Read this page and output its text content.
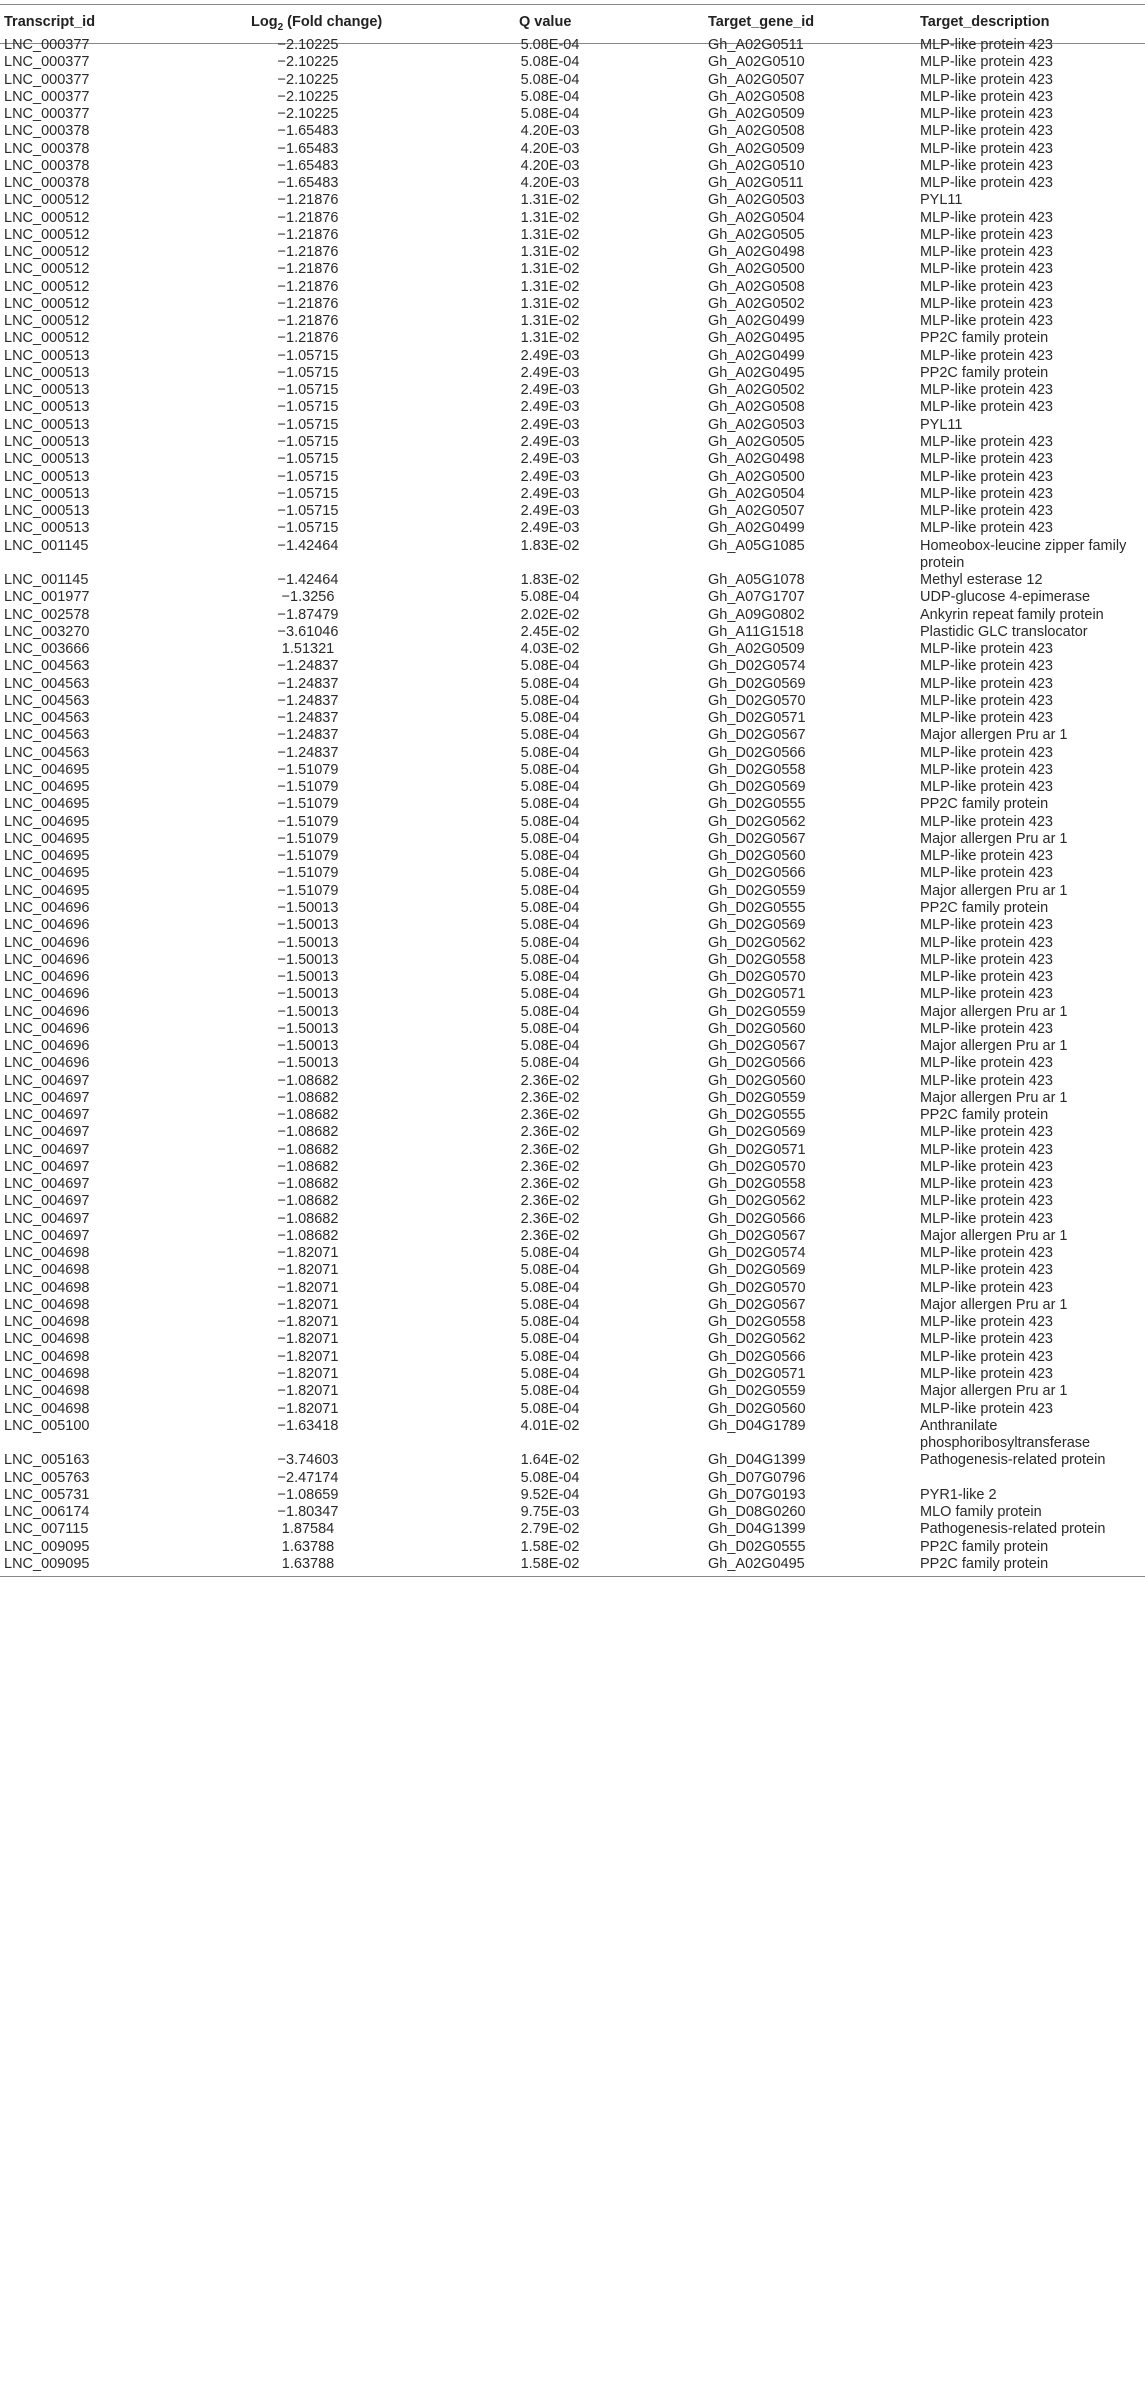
Transcript_id	Log$_2$ (Fold change)	Q value	Target_gene_id	Target_description
LNC_000377	−2.10225	5.08E-04	Gh_A02G0511	MLP-like protein 423
LNC_000377	−2.10225	5.08E-04	Gh_A02G0510	MLP-like protein 423
LNC_000377	−2.10225	5.08E-04	Gh_A02G0507	MLP-like protein 423
LNC_000377	−2.10225	5.08E-04	Gh_A02G0508	MLP-like protein 423
LNC_000377	−2.10225	5.08E-04	Gh_A02G0509	MLP-like protein 423
LNC_000378	−1.65483	4.20E-03	Gh_A02G0508	MLP-like protein 423
LNC_000378	−1.65483	4.20E-03	Gh_A02G0509	MLP-like protein 423
LNC_000378	−1.65483	4.20E-03	Gh_A02G0510	MLP-like protein 423
LNC_000378	−1.65483	4.20E-03	Gh_A02G0511	MLP-like protein 423
LNC_000512	−1.21876	1.31E-02	Gh_A02G0503	PYL11
LNC_000512	−1.21876	1.31E-02	Gh_A02G0504	MLP-like protein 423
LNC_000512	−1.21876	1.31E-02	Gh_A02G0505	MLP-like protein 423
LNC_000512	−1.21876	1.31E-02	Gh_A02G0498	MLP-like protein 423
LNC_000512	−1.21876	1.31E-02	Gh_A02G0500	MLP-like protein 423
LNC_000512	−1.21876	1.31E-02	Gh_A02G0508	MLP-like protein 423
LNC_000512	−1.21876	1.31E-02	Gh_A02G0502	MLP-like protein 423
LNC_000512	−1.21876	1.31E-02	Gh_A02G0499	MLP-like protein 423
LNC_000512	−1.21876	1.31E-02	Gh_A02G0495	PP2C family protein
LNC_000513	−1.05715	2.49E-03	Gh_A02G0499	MLP-like protein 423
LNC_000513	−1.05715	2.49E-03	Gh_A02G0495	PP2C family protein
LNC_000513	−1.05715	2.49E-03	Gh_A02G0502	MLP-like protein 423
LNC_000513	−1.05715	2.49E-03	Gh_A02G0508	MLP-like protein 423
LNC_000513	−1.05715	2.49E-03	Gh_A02G0503	PYL11
LNC_000513	−1.05715	2.49E-03	Gh_A02G0505	MLP-like protein 423
LNC_000513	−1.05715	2.49E-03	Gh_A02G0498	MLP-like protein 423
LNC_000513	−1.05715	2.49E-03	Gh_A02G0500	MLP-like protein 423
LNC_000513	−1.05715	2.49E-03	Gh_A02G0504	MLP-like protein 423
LNC_000513	−1.05715	2.49E-03	Gh_A02G0507	MLP-like protein 423
LNC_000513	−1.05715	2.49E-03	Gh_A02G0499	MLP-like protein 423
LNC_001145	−1.42464	1.83E-02	Gh_A05G1085	Homeobox-leucine zipper family protein
LNC_001145	−1.42464	1.83E-02	Gh_A05G1078	Methyl esterase 12
LNC_001977	−1.3256	5.08E-04	Gh_A07G1707	UDP-glucose 4-epimerase
LNC_002578	−1.87479	2.02E-02	Gh_A09G0802	Ankyrin repeat family protein
LNC_003270	−3.61046	2.45E-02	Gh_A11G1518	Plastidic GLC translocator
LNC_003666	1.51321	4.03E-02	Gh_A02G0509	MLP-like protein 423
LNC_004563	−1.24837	5.08E-04	Gh_D02G0574	MLP-like protein 423
LNC_004563	−1.24837	5.08E-04	Gh_D02G0569	MLP-like protein 423
LNC_004563	−1.24837	5.08E-04	Gh_D02G0570	MLP-like protein 423
LNC_004563	−1.24837	5.08E-04	Gh_D02G0571	MLP-like protein 423
LNC_004563	−1.24837	5.08E-04	Gh_D02G0567	Major allergen Pru ar 1
LNC_004563	−1.24837	5.08E-04	Gh_D02G0566	MLP-like protein 423
LNC_004695	−1.51079	5.08E-04	Gh_D02G0558	MLP-like protein 423
LNC_004695	−1.51079	5.08E-04	Gh_D02G0569	MLP-like protein 423
LNC_004695	−1.51079	5.08E-04	Gh_D02G0555	PP2C family protein
LNC_004695	−1.51079	5.08E-04	Gh_D02G0562	MLP-like protein 423
LNC_004695	−1.51079	5.08E-04	Gh_D02G0567	Major allergen Pru ar 1
LNC_004695	−1.51079	5.08E-04	Gh_D02G0560	MLP-like protein 423
LNC_004695	−1.51079	5.08E-04	Gh_D02G0566	MLP-like protein 423
LNC_004695	−1.51079	5.08E-04	Gh_D02G0559	Major allergen Pru ar 1
LNC_004696	−1.50013	5.08E-04	Gh_D02G0555	PP2C family protein
LNC_004696	−1.50013	5.08E-04	Gh_D02G0569	MLP-like protein 423
LNC_004696	−1.50013	5.08E-04	Gh_D02G0562	MLP-like protein 423
LNC_004696	−1.50013	5.08E-04	Gh_D02G0558	MLP-like protein 423
LNC_004696	−1.50013	5.08E-04	Gh_D02G0570	MLP-like protein 423
LNC_004696	−1.50013	5.08E-04	Gh_D02G0571	MLP-like protein 423
LNC_004696	−1.50013	5.08E-04	Gh_D02G0559	Major allergen Pru ar 1
LNC_004696	−1.50013	5.08E-04	Gh_D02G0560	MLP-like protein 423
LNC_004696	−1.50013	5.08E-04	Gh_D02G0567	Major allergen Pru ar 1
LNC_004696	−1.50013	5.08E-04	Gh_D02G0566	MLP-like protein 423
LNC_004697	−1.08682	2.36E-02	Gh_D02G0560	MLP-like protein 423
LNC_004697	−1.08682	2.36E-02	Gh_D02G0559	Major allergen Pru ar 1
LNC_004697	−1.08682	2.36E-02	Gh_D02G0555	PP2C family protein
LNC_004697	−1.08682	2.36E-02	Gh_D02G0569	MLP-like protein 423
LNC_004697	−1.08682	2.36E-02	Gh_D02G0571	MLP-like protein 423
LNC_004697	−1.08682	2.36E-02	Gh_D02G0570	MLP-like protein 423
LNC_004697	−1.08682	2.36E-02	Gh_D02G0558	MLP-like protein 423
LNC_004697	−1.08682	2.36E-02	Gh_D02G0562	MLP-like protein 423
LNC_004697	−1.08682	2.36E-02	Gh_D02G0566	MLP-like protein 423
LNC_004697	−1.08682	2.36E-02	Gh_D02G0567	Major allergen Pru ar 1
LNC_004698	−1.82071	5.08E-04	Gh_D02G0574	MLP-like protein 423
LNC_004698	−1.82071	5.08E-04	Gh_D02G0569	MLP-like protein 423
LNC_004698	−1.82071	5.08E-04	Gh_D02G0570	MLP-like protein 423
LNC_004698	−1.82071	5.08E-04	Gh_D02G0567	Major allergen Pru ar 1
LNC_004698	−1.82071	5.08E-04	Gh_D02G0558	MLP-like protein 423
LNC_004698	−1.82071	5.08E-04	Gh_D02G0562	MLP-like protein 423
LNC_004698	−1.82071	5.08E-04	Gh_D02G0566	MLP-like protein 423
LNC_004698	−1.82071	5.08E-04	Gh_D02G0571	MLP-like protein 423
LNC_004698	−1.82071	5.08E-04	Gh_D02G0559	Major allergen Pru ar 1
LNC_004698	−1.82071	5.08E-04	Gh_D02G0560	MLP-like protein 423
LNC_005100	−1.63418	4.01E-02	Gh_D04G1789	Anthranilate phosphoribosyltransferase
LNC_005163	−3.74603	1.64E-02	Gh_D04G1399	Pathogenesis-related protein
LNC_005763	−2.47174	5.08E-04	Gh_D07G0796
LNC_005731	−1.08659	9.52E-04	Gh_D07G0193	PYR1-like 2
LNC_006174	−1.80347	9.75E-03	Gh_D08G0260	MLO family protein
LNC_007115	1.87584	2.79E-02	Gh_D04G1399	Pathogenesis-related protein
LNC_009095	1.63788	1.58E-02	Gh_D02G0555	PP2C family protein
LNC_009095	1.63788	1.58E-02	Gh_A02G0495	PP2C family protein
